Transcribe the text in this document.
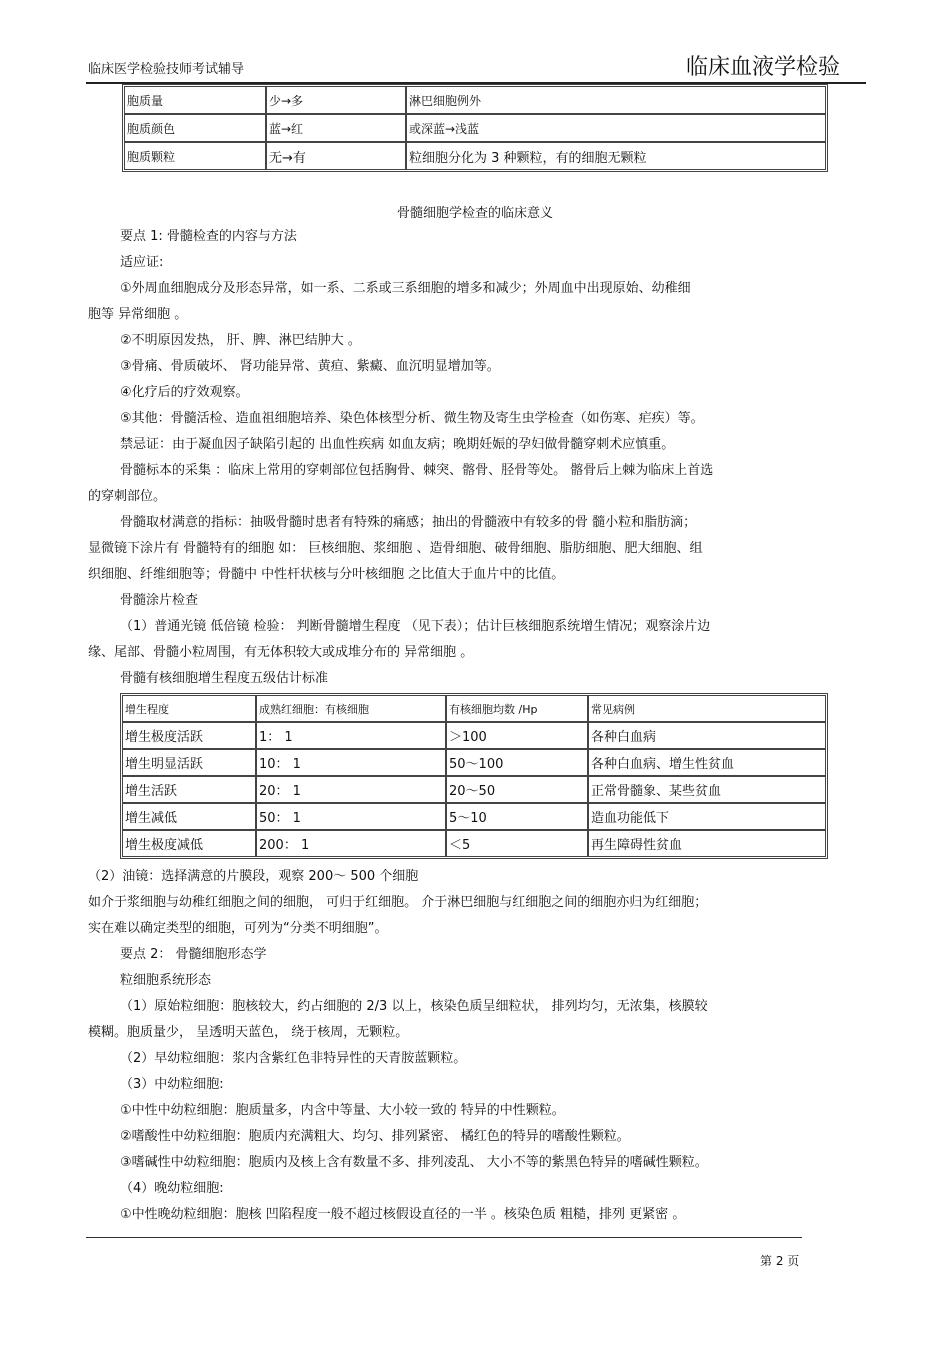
临床医学检验技师考试辅导	临床血液学检验
胞质量	少→多	淋巴细胞例外
胞质颜色	蓝→红	或深蓝→浅蓝
胞质颗粒	无→有	粒细胞分化为 3 种颗粒，有的细胞无颗粒
骨髓细胞学检查的临床意义
要点 1: 骨髓检查的内容与方法
适应证:
①外周血细胞成分及形态异常，如一系、二系或三系细胞的增多和减少；外周血中出现原始、幼稚细
胞等 异常细胞 。
②不明原因发热， 肝、脾、淋巴结肿大 。
③骨痛、骨质破坏、 肾功能异常、黄疸、紫癜、血沉明显增加等。
④化疗后的疗效观察。
⑤其他：骨髓活检、造血祖细胞培养、染色体核型分析、微生物及寄生虫学检查（如伤寒、疟疾）等。
禁忌证：由于凝血因子缺陷引起的 出血性疾病 如血友病；晚期妊娠的孕妇做骨髓穿刺术应慎重。
骨髓标本的采集 ：临床上常用的穿刺部位包括胸骨、棘突、髂骨、胫骨等处。 髂骨后上棘为临床上首选
的穿刺部位。
骨髓取材满意的指标：抽吸骨髓时患者有特殊的痛感；抽出的骨髓液中有较多的骨 髓小粒和脂肪滴；
显微镜下涂片有 骨髓特有的细胞 如： 巨核细胞、浆细胞 、造骨细胞、破骨细胞、脂肪细胞、肥大细胞、组
织细胞、纤维细胞等；骨髓中 中性杆状核与分叶核细胞 之比值大于血片中的比值。
骨髓涂片检查
（1）普通光镜 低倍镜 检验： 判断骨髓增生程度 （见下表）；估计巨核细胞系统增生情况；观察涂片边
缘、尾部、骨髓小粒周围，有无体积较大或成堆分布的 异常细胞 。
骨髓有核细胞增生程度五级估计标准
增生程度	成熟红细胞：有核细胞	有核细胞均数 /Hp	常见病例
增生极度活跃	1： 1	＞100	各种白血病
增生明显活跃	10： 1	50～100	各种白血病、增生性贫血
增生活跃	20： 1	20～50	正常骨髓象、某些贫血
增生减低	50： 1	5～10	造血功能低下
增生极度减低	200： 1	＜5	再生障碍性贫血
（2）油镜：选择满意的片膜段，观察 200～ 500 个细胞
如介于浆细胞与幼稚红细胞之间的细胞， 可归于红细胞。 介于淋巴细胞与红细胞之间的细胞亦归为红细胞；
实在难以确定类型的细胞，可列为“分类不明细胞”。
要点 2： 骨髓细胞形态学
粒细胞系统形态
（1）原始粒细胞：胞核较大，约占细胞的 2/3 以上，核染色质呈细粒状， 排列均匀，无浓集，核膜较
模糊。胞质量少， 呈透明天蓝色， 绕于核周，无颗粒。
（2）早幼粒细胞：浆内含紫红色非特异性的天青胺蓝颗粒。
（3）中幼粒细胞:
①中性中幼粒细胞：胞质量多，内含中等量、大小较一致的 特异的中性颗粒。
②嗜酸性中幼粒细胞：胞质内充满粗大、均匀、排列紧密、 橘红色的特异的嗜酸性颗粒。
③嗜碱性中幼粒细胞：胞质内及核上含有数量不多、排列凌乱、 大小不等的紫黑色特异的嗜碱性颗粒。
（4）晚幼粒细胞:
①中性晚幼粒细胞：胞核 凹陷程度一般不超过核假设直径的一半 。核染色质 粗糙，排列 更紧密 。
第 2 页
